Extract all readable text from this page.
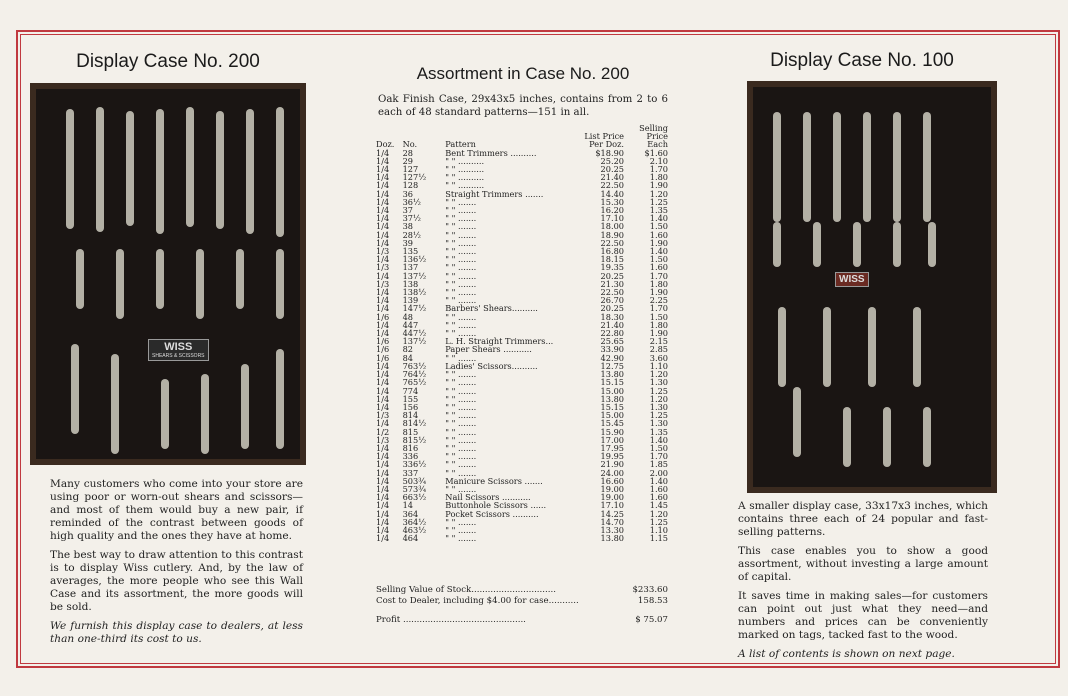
Display Case No. 200
WISS
SHEARS & SCISSORS

Many customers who come into your store are using poor or worn-out shears and scissors—and most of them would buy a new pair, if reminded of the contrast between goods of high quality and the ones they have at home.

The best way to draw attention to this contrast is to display Wiss cutlery. And, by the law of averages, the more people who see this Wall Case and its assortment, the more goods will be sold.

We furnish this display case to dealers, at less than one-third its cost to us.

Assortment in Case No. 200
Oak Finish Case, 29x43x5 inches, contains from 2 to 6 each of 48 standard patterns—151 in all.
Doz.	No.	Pattern	List Price Per Doz.	Selling Price Each
1/4	28	Bent Trimmers ..........	$18.90	$1.60
1/4	29	" " ..........	25.20	2.10
1/4	127	" " ..........	20.25	1.70
1/4	127½	" " ..........	21.40	1.80
1/4	128	" " ..........	22.50	1.90
1/4	36	Straight Trimmers .......	14.40	1.20
1/4	36½	" " .......	15.30	1.25
1/4	37	" " .......	16.20	1.35
1/4	37½	" " .......	17.10	1.40
1/4	38	" " .......	18.00	1.50
1/4	28½	" " .......	18.90	1.60
1/4	39	" " .......	22.50	1.90
1/3	135	" " .......	16.80	1.40
1/4	136½	" " .......	18.15	1.50
1/3	137	" " .......	19.35	1.60
1/4	137½	" " .......	20.25	1.70
1/3	138	" " .......	21.30	1.80
1/4	138½	" " .......	22.50	1.90
1/4	139	" " .......	26.70	2.25
1/4	147½	Barbers' Shears..........	20.25	1.70
1/6	48	" " .......	18.30	1.50
1/4	447	" " .......	21.40	1.80
1/4	447½	" " .......	22.80	1.90
1/6	137½	L. H. Straight Trimmers...	25.65	2.15
1/6	82	Paper Shears ...........	33.90	2.85
1/6	84	" " .......	42.90	3.60
1/4	763½	Ladies' Scissors..........	12.75	1.10
1/4	764½	" " .......	13.80	1.20
1/4	765½	" " .......	15.15	1.30
1/4	774	" " .......	15.00	1.25
1/4	155	" " .......	13.80	1.20
1/4	156	" " .......	15.15	1.30
1/3	814	" " .......	15.00	1.25
1/4	814½	" " .......	15.45	1.30
1/2	815	" " .......	15.90	1.35
1/3	815½	" " .......	17.00	1.40
1/4	816	" " .......	17.95	1.50
1/4	336	" " .......	19.95	1.70
1/4	336½	" " .......	21.90	1.85
1/4	337	" " .......	24.00	2.00
1/4	503¾	Manicure Scissors .......	16.60	1.40
1/4	573¾	" " .......	19.00	1.60
1/4	663½	Nail Scissors ...........	19.00	1.60
1/4	14	Buttonhole Scissors ......	17.10	1.45
1/4	364	Pocket Scissors ..........	14.25	1.20
1/4	364½	" " .......	14.70	1.25
1/4	463½	" " .......	13.30	1.10
1/4	464	" " .......	13.80	1.15
Selling Value of Stock...............................	$233.60
Cost to Dealer, including $4.00 for case...........	158.53
Profit .............................................	$ 75.07
Display Case No. 100
WISS

A smaller display case, 33x17x3 inches, which contains three each of 24 popular and fast-selling patterns.

This case enables you to show a good assortment, without investing a large amount of capital.

It saves time in making sales—for customers can point out just what they need—and numbers and prices can be conveniently marked on tags, tacked fast to the wood.

A list of contents is shown on next page.
